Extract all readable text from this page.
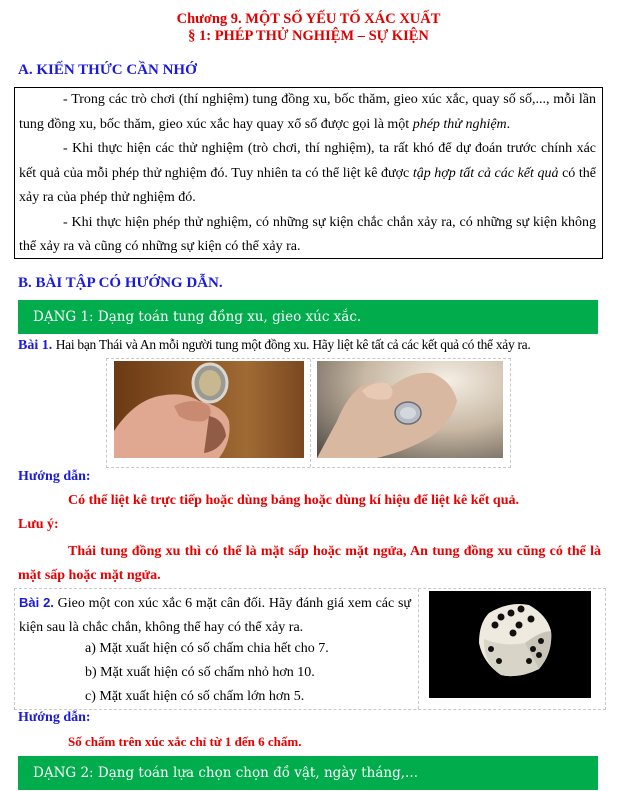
Chương 9. MỘT SỐ YẾU TỐ XÁC XUẤT
§ 1: PHÉP THỬ NGHIỆM – SỰ KIỆN
A. KIẾN THỨC CẦN NHỚ

- Trong các trò chơi (thí nghiệm) tung đồng xu, bốc thăm, gieo xúc xắc, quay số số,..., mỗi lần tung đồng xu, bốc thăm, gieo xúc xắc hay quay xổ số được gọi là một phép thử nghiệm.

- Khi thực hiện các thử nghiệm (trò chơi, thí nghiệm), ta rất khó để dự đoán trước chính xác kết quả của mỗi phép thử nghiệm đó. Tuy nhiên ta có thể liệt kê được tập hợp tất cả các kết quả có thể xảy ra của phép thử nghiệm đó.

- Khi thực hiện phép thử nghiệm, có những sự kiện chắc chắn xảy ra, có những sự kiện không thể xảy ra và cũng có những sự kiện có thể xảy ra.

B. BÀI TẬP CÓ HƯỚNG DẪN.
DẠNG 1: Dạng toán tung đồng xu, gieo xúc xắc.
Bài 1. Hai bạn Thái và An mỗi người tung một đồng xu. Hãy liệt kê tất cả các kết quả có thể xảy ra.
Hướng dẫn:
Có thể liệt kê trực tiếp hoặc dùng bảng hoặc dùng kí hiệu để liệt kê kết quả.
Lưu ý:
Thái tung đồng xu thì có thể là mặt sấp hoặc mặt ngửa, An tung đồng xu cũng có thể là mặt sấp hoặc mặt ngửa.
Bài 2. Gieo một con xúc xắc 6 mặt cân đối. Hãy đánh giá xem các sự kiện sau là chắc chắn, không thể hay có thể xảy ra.
a) Mặt xuất hiện có số chấm chia hết cho 7.
b) Mặt xuất hiện có số chấm nhỏ hơn 10.
c) Mặt xuất hiện có số chấm lớn hơn 5.
Hướng dẫn:
Số chấm trên xúc xắc chỉ từ 1 đến 6 chấm.
DẠNG 2: Dạng toán lựa chọn chọn đồ vật, ngày tháng,...
